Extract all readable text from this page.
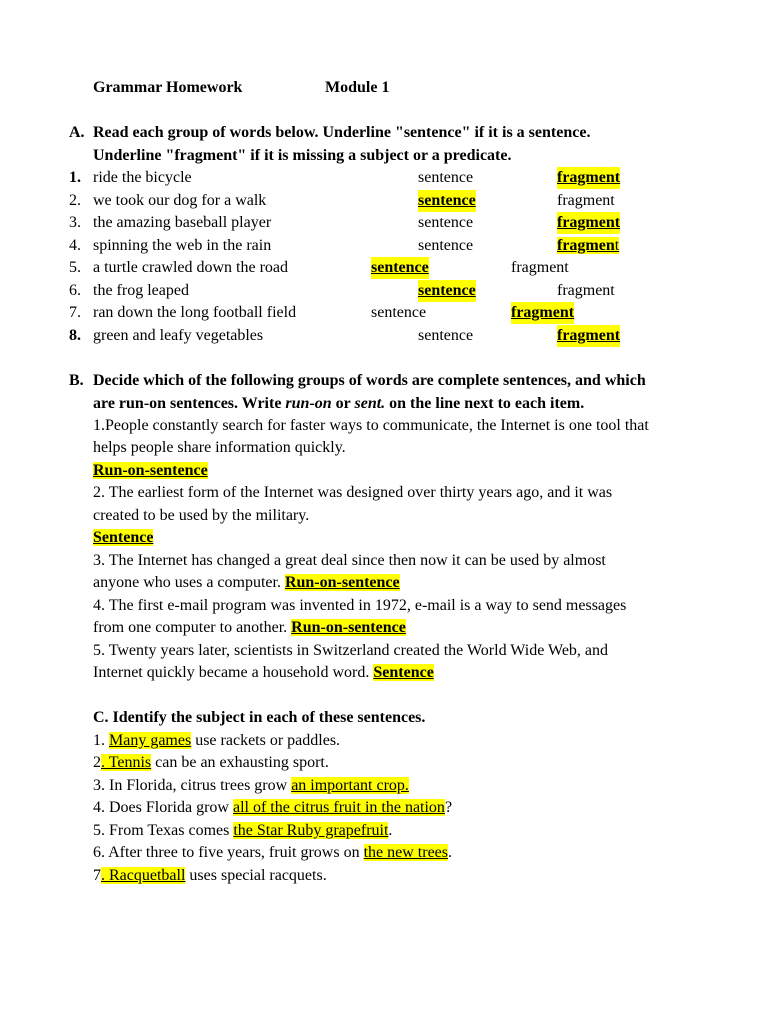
Grammar Homework	Module 1
A. Read each group of words below. Underline "sentence" if it is a sentence.
Underline "fragment" if it is missing a subject or a predicate.
1. ride the bicycle	sentence	fragment
2. we took our dog for a walk	sentence	fragment
3. the amazing baseball player	sentence	fragment
4. spinning the web in the rain	sentence	fragment
5. a turtle crawled down the road	sentence	fragment
6. the frog leaped	sentence	fragment
7. ran down the long football field	sentence	fragment
8. green and leafy vegetables	sentence	fragment
B. Decide which of the following groups of words are complete sentences, and which
are run-on sentences. Write run-on or sent. on the line next to each item.
1.People constantly search for faster ways to communicate, the Internet is one tool that
helps people share information quickly.
Run-on-sentence
2. The earliest form of the Internet was designed over thirty years ago, and it was
created to be used by the military.
Sentence
3. The Internet has changed a great deal since then now it can be used by almost
anyone who uses a computer. Run-on-sentence
4. The first e-mail program was invented in 1972, e-mail is a way to send messages
from one computer to another. Run-on-sentence
5. Twenty years later, scientists in Switzerland created the World Wide Web, and
Internet quickly became a household word. Sentence
C. Identify the subject in each of these sentences.
1. Many games use rackets or paddles.
2. Tennis can be an exhausting sport.
3. In Florida, citrus trees grow an important crop.
4. Does Florida grow all of the citrus fruit in the nation?
5. From Texas comes the Star Ruby grapefruit.
6. After three to five years, fruit grows on the new trees.
7. Racquetball uses special racquets.
